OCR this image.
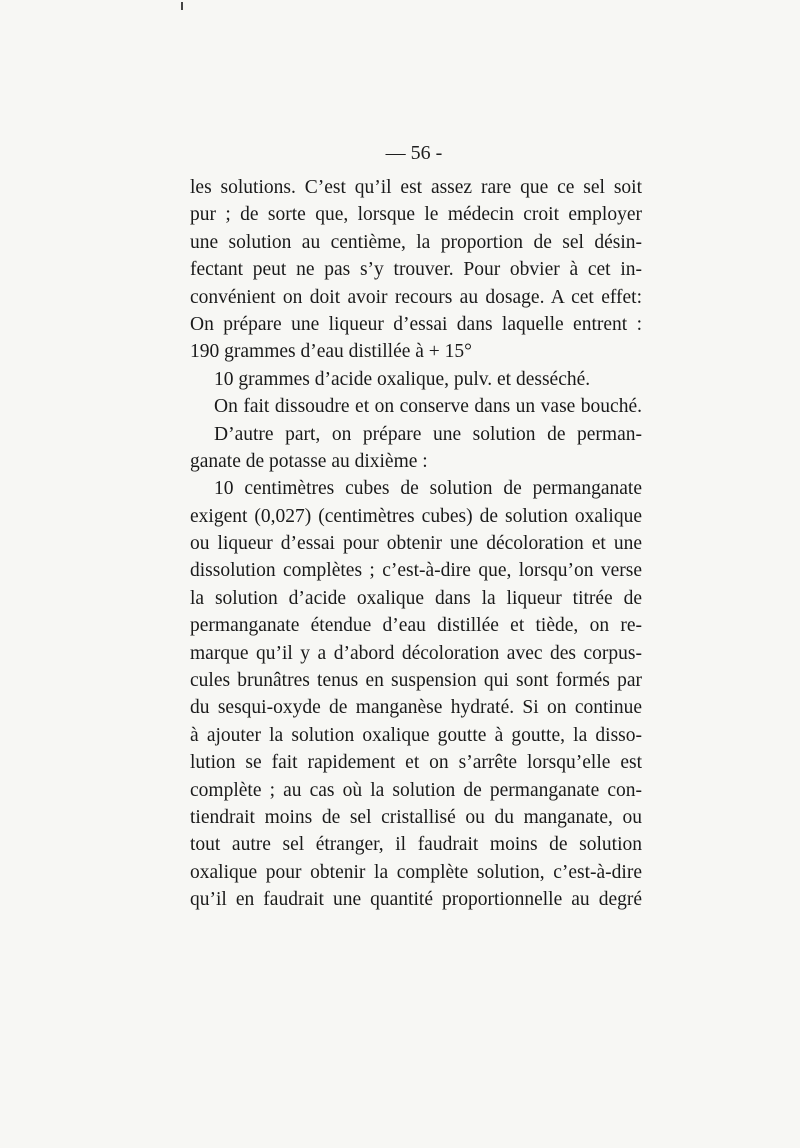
— 56 -
les solutions. C’est qu’il est assez rare que ce sel soit
pur ; de sorte que, lorsque le médecin croit employer
une solution au centième, la proportion de sel désin-
fectant peut ne pas s’y trouver. Pour obvier à cet in-
convénient on doit avoir recours au dosage. A cet effet:
On prépare une liqueur d’essai dans laquelle entrent :
190 grammes d’eau distillée à + 15°
10 grammes d’acide oxalique, pulv. et desséché.
On fait dissoudre et on conserve dans un vase bouché.
D’autre part, on prépare une solution de perman-
ganate de potasse au dixième :
10 centimètres cubes de solution de permanganate
exigent (0,027) (centimètres cubes) de solution oxalique
ou liqueur d’essai pour obtenir une décoloration et une
dissolution complètes ; c’est-à-dire que, lorsqu’on verse
la solution d’acide oxalique dans la liqueur titrée de
permanganate étendue d’eau distillée et tiède, on re-
marque qu’il y a d’abord décoloration avec des corpus-
cules brunâtres tenus en suspension qui sont formés par
du sesqui-oxyde de manganèse hydraté. Si on continue
à ajouter la solution oxalique goutte à goutte, la disso-
lution se fait rapidement et on s’arrête lorsqu’elle est
complète ; au cas où la solution de permanganate con-
tiendrait moins de sel cristallisé ou du manganate, ou
tout autre sel étranger, il faudrait moins de solution
oxalique pour obtenir la complète solution, c’est-à-dire
qu’il en faudrait une quantité proportionnelle au degré
